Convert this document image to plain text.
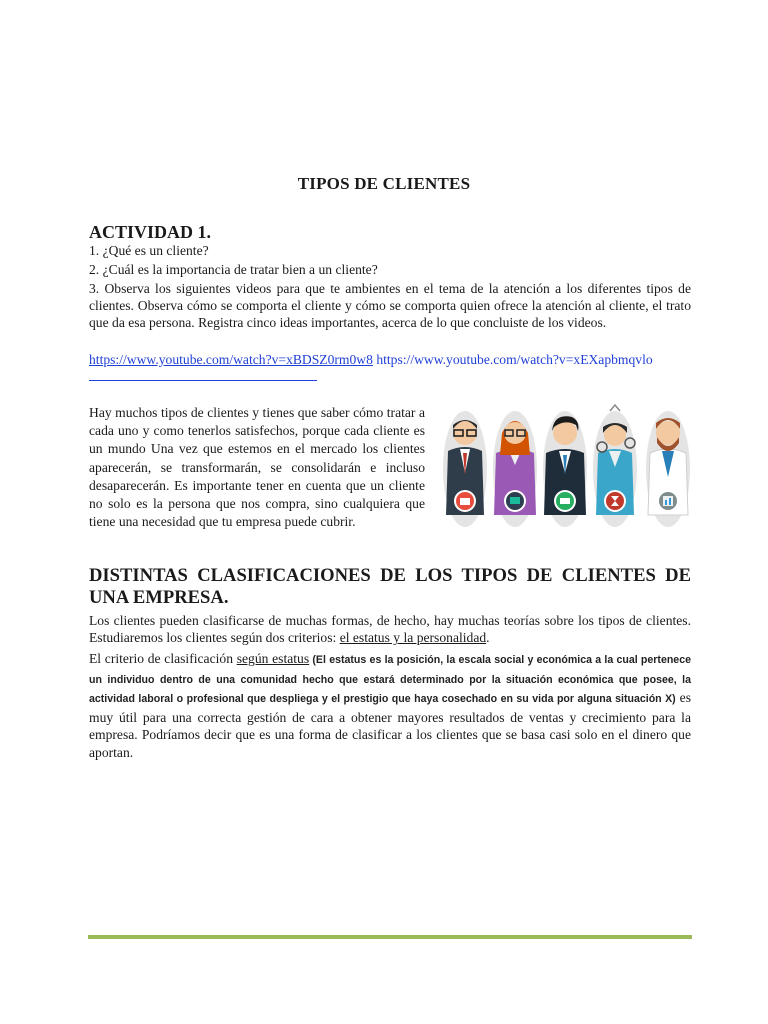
TIPOS DE CLIENTES
ACTIVIDAD 1.
1. ¿Qué es un cliente?
2. ¿Cuál es la importancia de tratar bien a un cliente?
3. Observa los siguientes videos para que te ambientes en el tema de la atención a los diferentes tipos de clientes. Observa cómo se comporta el cliente y cómo se comporta quien ofrece la atención al cliente, el trato que da esa persona. Registra cinco ideas importantes, acerca de lo que concluiste de los videos.
https://www.youtube.com/watch?v=xBDSZ0rm0w8 https://www.youtube.com/watch?v=xEXapbmqvlo
Hay muchos tipos de clientes y tienes que saber cómo tratar a cada uno y como tenerlos satisfechos, porque cada cliente es un mundo Una vez que estemos en el mercado los clientes aparecerán, se transformarán, se consolidarán e incluso desaparecerán. Es importante tener en cuenta que un cliente no solo es la persona que nos compra, sino cualquiera que tiene una necesidad que tu empresa puede cubrir.
DISTINTAS CLASIFICACIONES DE LOS TIPOS DE CLIENTES DE UNA EMPRESA.
Los clientes pueden clasificarse de muchas formas, de hecho, hay muchas teorías sobre los tipos de clientes. Estudiaremos los clientes según dos criterios: el estatus y la personalidad.
El criterio de clasificación según estatus (El estatus es la posición, la escala social y económica a la cual pertenece un individuo dentro de una comunidad hecho que estará determinado por la situación económica que posee, la actividad laboral o profesional que despliega y el prestigio que haya cosechado en su vida por alguna situación X) es muy útil para una correcta gestión de cara a obtener mayores resultados de ventas y crecimiento para la empresa. Podríamos decir que es una forma de clasificar a los clientes que se basa casi solo en el dinero que aportan.
